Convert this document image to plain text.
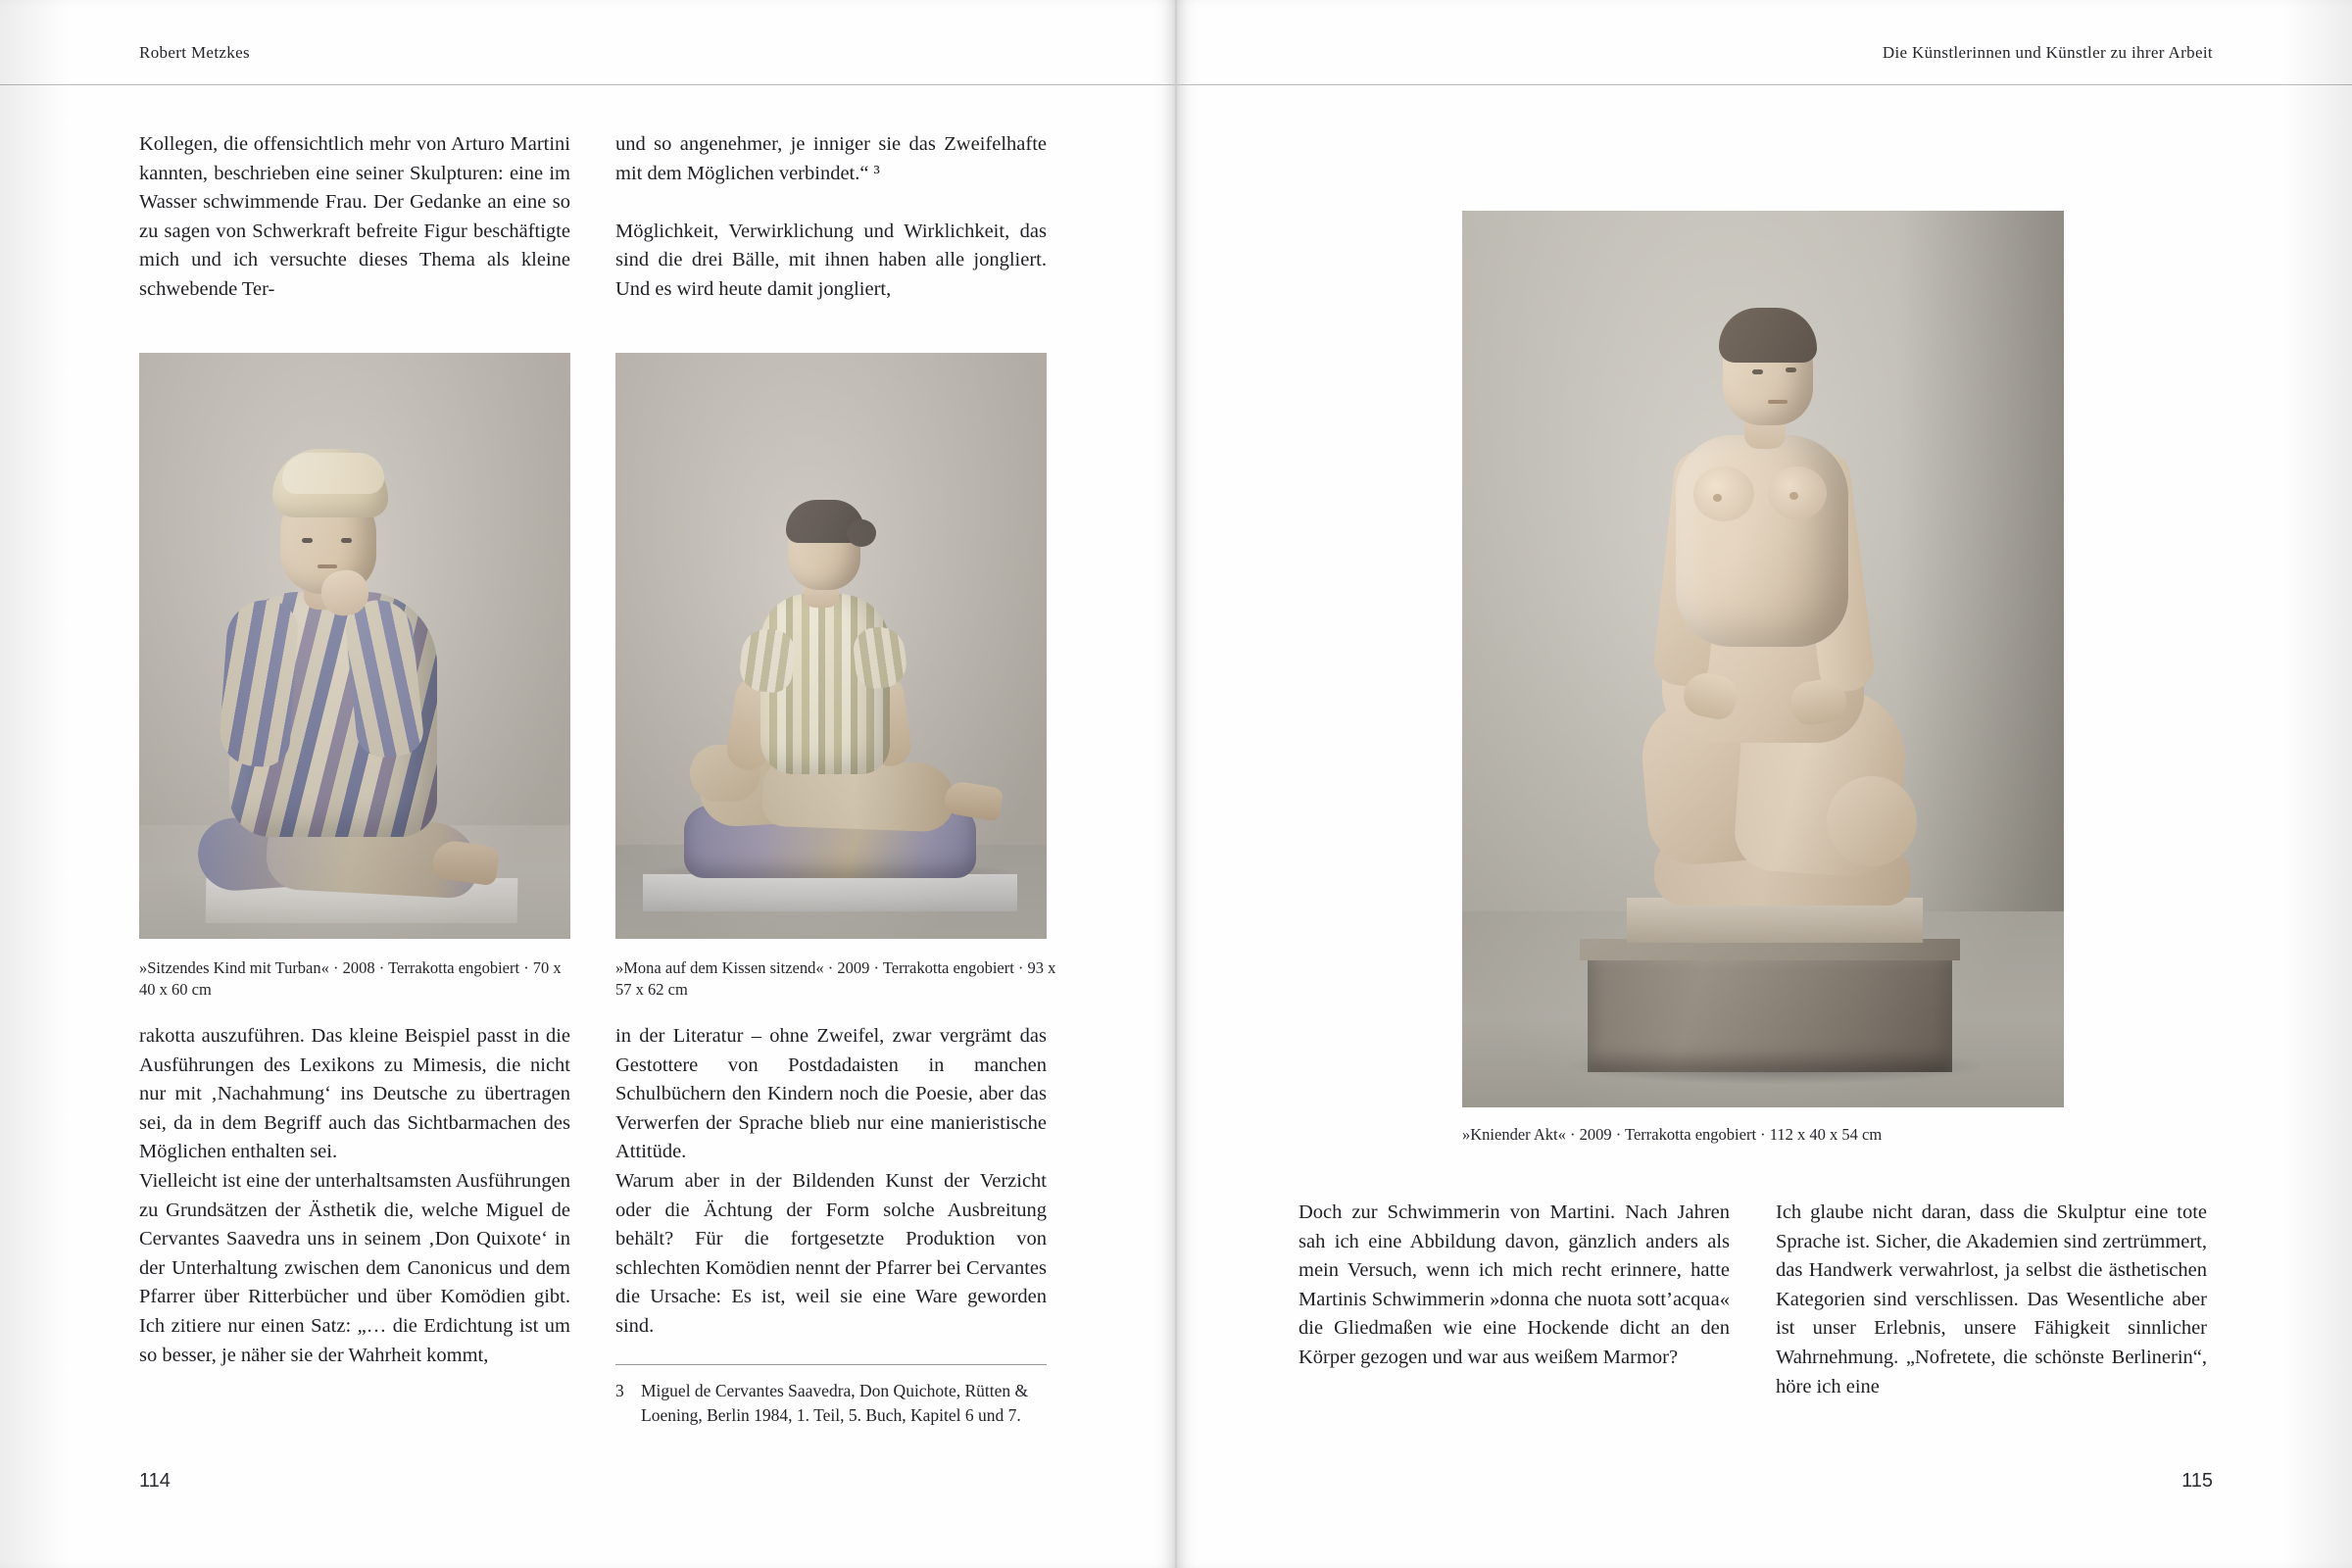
Robert Metzkes

Kollegen, die offensichtlich mehr von Arturo Martini kannten, beschrieben eine seiner Skulpturen: eine im Wasser schwimmende Frau. Der Gedanke an eine so zu sagen von Schwerkraft befreite Figur beschäftigte mich und ich versuchte dieses Thema als kleine schwebende Ter-

und so angenehmer, je inniger sie das Zweifelhafte mit dem Möglichen verbindet.“ ³

Möglichkeit, Verwirklichung und Wirklichkeit, das sind die drei Bälle, mit ihnen haben alle jongliert. Und es wird heute damit jongliert,

»Sitzendes Kind mit Turban« · 2008 · Terrakotta engobiert · 70 x 40 x 60 cm
»Mona auf dem Kissen sitzend« · 2009 · Terrakotta engobiert · 93 x 57 x 62 cm

rakotta auszuführen. Das kleine Beispiel passt in die Ausführungen des Lexikons zu Mimesis, die nicht nur mit ‚Nachahmung‘ ins Deutsche zu übertragen sei, da in dem Begriff auch das Sichtbarmachen des Möglichen enthalten sei.

Vielleicht ist eine der unterhaltsamsten Ausführungen zu Grundsätzen der Ästhetik die, welche Miguel de Cervantes Saavedra uns in seinem ‚Don Quixote‘ in der Unterhaltung zwischen dem Canonicus und dem Pfarrer über Ritterbücher und über Komödien gibt. Ich zitiere nur einen Satz: „… die Erdichtung ist um so besser, je näher sie der Wahrheit kommt,

in der Literatur – ohne Zweifel, zwar vergrämt das Gestottere von Postdadaisten in manchen Schulbüchern den Kindern noch die Poesie, aber das Verwerfen der Sprache blieb nur eine manieristische Attitüde.

Warum aber in der Bildenden Kunst der Verzicht oder die Ächtung der Form solche Ausbreitung behält? Für die fortgesetzte Produktion von schlechten Komödien nennt der Pfarrer bei Cervantes die Ursache: Es ist, weil sie eine Ware geworden sind.

3 Miguel de Cervantes Saavedra, Don Quichote, Rütten & Loening, Berlin 1984, 1. Teil, 5. Buch, Kapitel 6 und 7.
114
Die Künstlerinnen und Künstler zu ihrer Arbeit
»Kniender Akt« · 2009 · Terrakotta engobiert · 112 x 40 x 54 cm

Doch zur Schwimmerin von Martini. Nach Jahren sah ich eine Abbildung davon, gänzlich anders als mein Versuch, wenn ich mich recht erinnere, hatte Martinis Schwimmerin »donna che nuota sott’acqua« die Gliedmaßen wie eine Hockende dicht an den Körper gezogen und war aus weißem Marmor?

Ich glaube nicht daran, dass die Skulptur eine tote Sprache ist. Sicher, die Akademien sind zertrümmert, das Handwerk verwahrlost, ja selbst die ästhetischen Kategorien sind verschlissen. Das Wesentliche aber ist unser Erlebnis, unsere Fähigkeit sinnlicher Wahrnehmung. „Nofretete, die schönste Berlinerin“, höre ich eine

115
